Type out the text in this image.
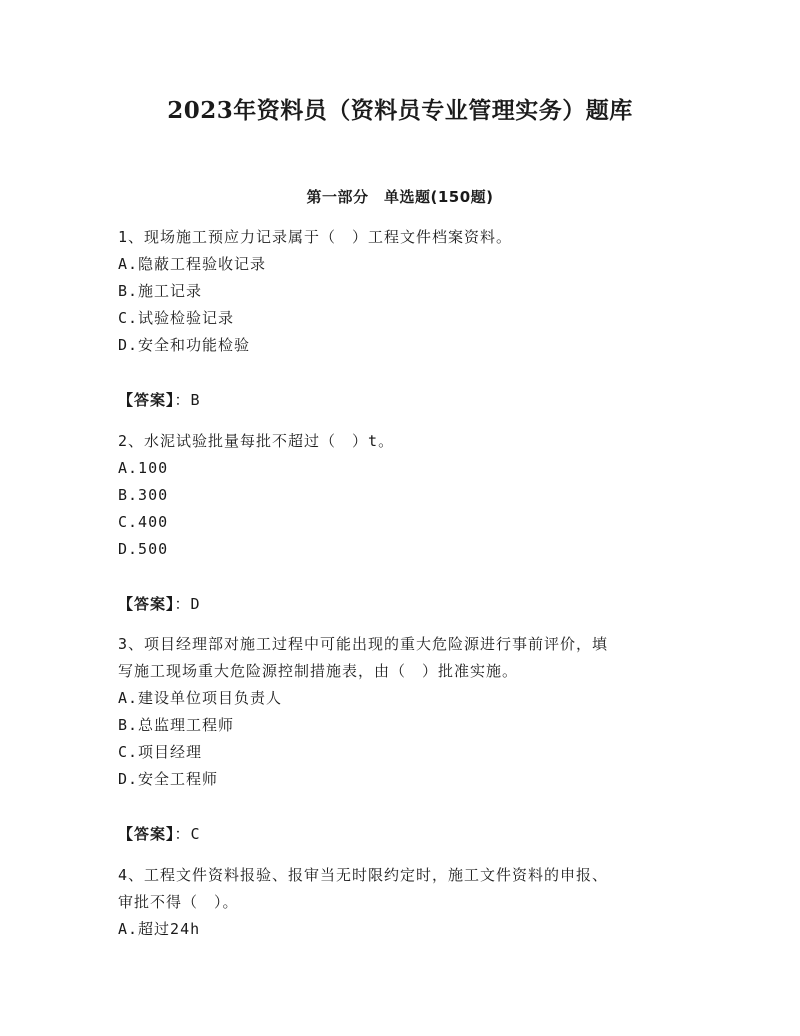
2023年资料员（资料员专业管理实务）题库
第一部分　单选题(150题)
1、现场施工预应力记录属于（　）工程文件档案资料。
A.隐蔽工程验收记录
B.施工记录
C.试验检验记录
D.安全和功能检验
【答案】：B
2、水泥试验批量每批不超过（　）t。
A.100
B.300
C.400
D.500
【答案】：D
3、项目经理部对施工过程中可能出现的重大危险源进行事前评价，填
写施工现场重大危险源控制措施表，由（　）批准实施。
A.建设单位项目负责人
B.总监理工程师
C.项目经理
D.安全工程师
【答案】：C
4、工程文件资料报验、报审当无时限约定时，施工文件资料的申报、
审批不得（　）。
A.超过24h
